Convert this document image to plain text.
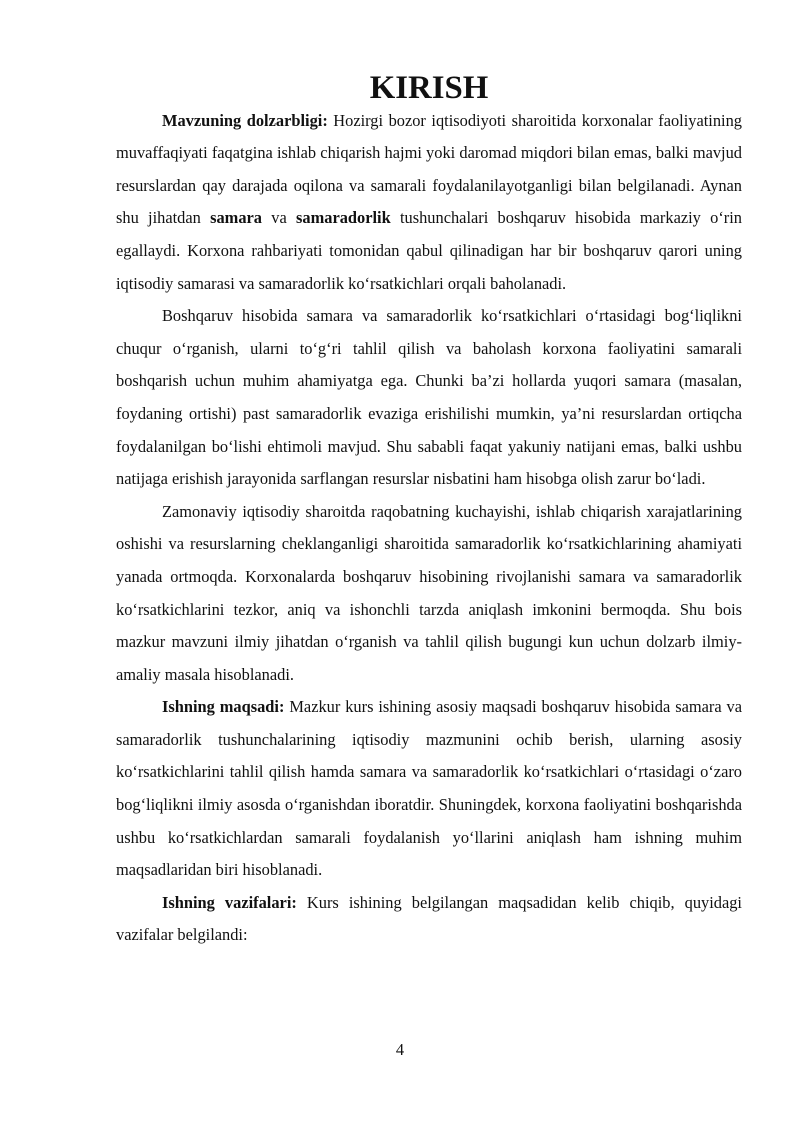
KIRISH

Mavzuning dolzarbligi: Hozirgi bozor iqtisodiyoti sharoitida korxonalar faoliyatining muvaffaqiyati faqatgina ishlab chiqarish hajmi yoki daromad miqdori bilan emas, balki mavjud resurslardan qay darajada oqilona va samarali foydalanilayotganligi bilan belgilanadi. Aynan shu jihatdan samara va samaradorlik tushunchalari boshqaruv hisobida markaziy o‘rin egallaydi. Korxona rahbariyati tomonidan qabul qilinadigan har bir boshqaruv qarori uning iqtisodiy samarasi va samaradorlik ko‘rsatkichlari orqali baholanadi.

Boshqaruv hisobida samara va samaradorlik ko‘rsatkichlari o‘rtasidagi bog‘liqlikni chuqur o‘rganish, ularni to‘g‘ri tahlil qilish va baholash korxona faoliyatini samarali boshqarish uchun muhim ahamiyatga ega. Chunki ba’zi hollarda yuqori samara (masalan, foydaning ortishi) past samaradorlik evaziga erishilishi mumkin, ya’ni resurslardan ortiqcha foydalanilgan bo‘lishi ehtimoli mavjud. Shu sababli faqat yakuniy natijani emas, balki ushbu natijaga erishish jarayonida sarflangan resurslar nisbatini ham hisobga olish zarur bo‘ladi.

Zamonaviy iqtisodiy sharoitda raqobatning kuchayishi, ishlab chiqarish xarajatlarining oshishi va resurslarning cheklanganligi sharoitida samaradorlik ko‘rsatkichlarining ahamiyati yanada ortmoqda. Korxonalarda boshqaruv hisobining rivojlanishi samara va samaradorlik ko‘rsatkichlarini tezkor, aniq va ishonchli tarzda aniqlash imkonini bermoqda. Shu bois mazkur mavzuni ilmiy jihatdan o‘rganish va tahlil qilish bugungi kun uchun dolzarb ilmiy-amaliy masala hisoblanadi.

Ishning maqsadi: Mazkur kurs ishining asosiy maqsadi boshqaruv hisobida samara va samaradorlik tushunchalarining iqtisodiy mazmunini ochib berish, ularning asosiy ko‘rsatkichlarini tahlil qilish hamda samara va samaradorlik ko‘rsatkichlari o‘rtasidagi o‘zaro bog‘liqlikni ilmiy asosda o‘rganishdan iboratdir. Shuningdek, korxona faoliyatini boshqarishda ushbu ko‘rsatkichlardan samarali foydalanish yo‘llarini aniqlash ham ishning muhim maqsadlaridan biri hisoblanadi.

Ishning vazifalari: Kurs ishining belgilangan maqsadidan kelib chiqib, quyidagi vazifalar belgilandi:

4
